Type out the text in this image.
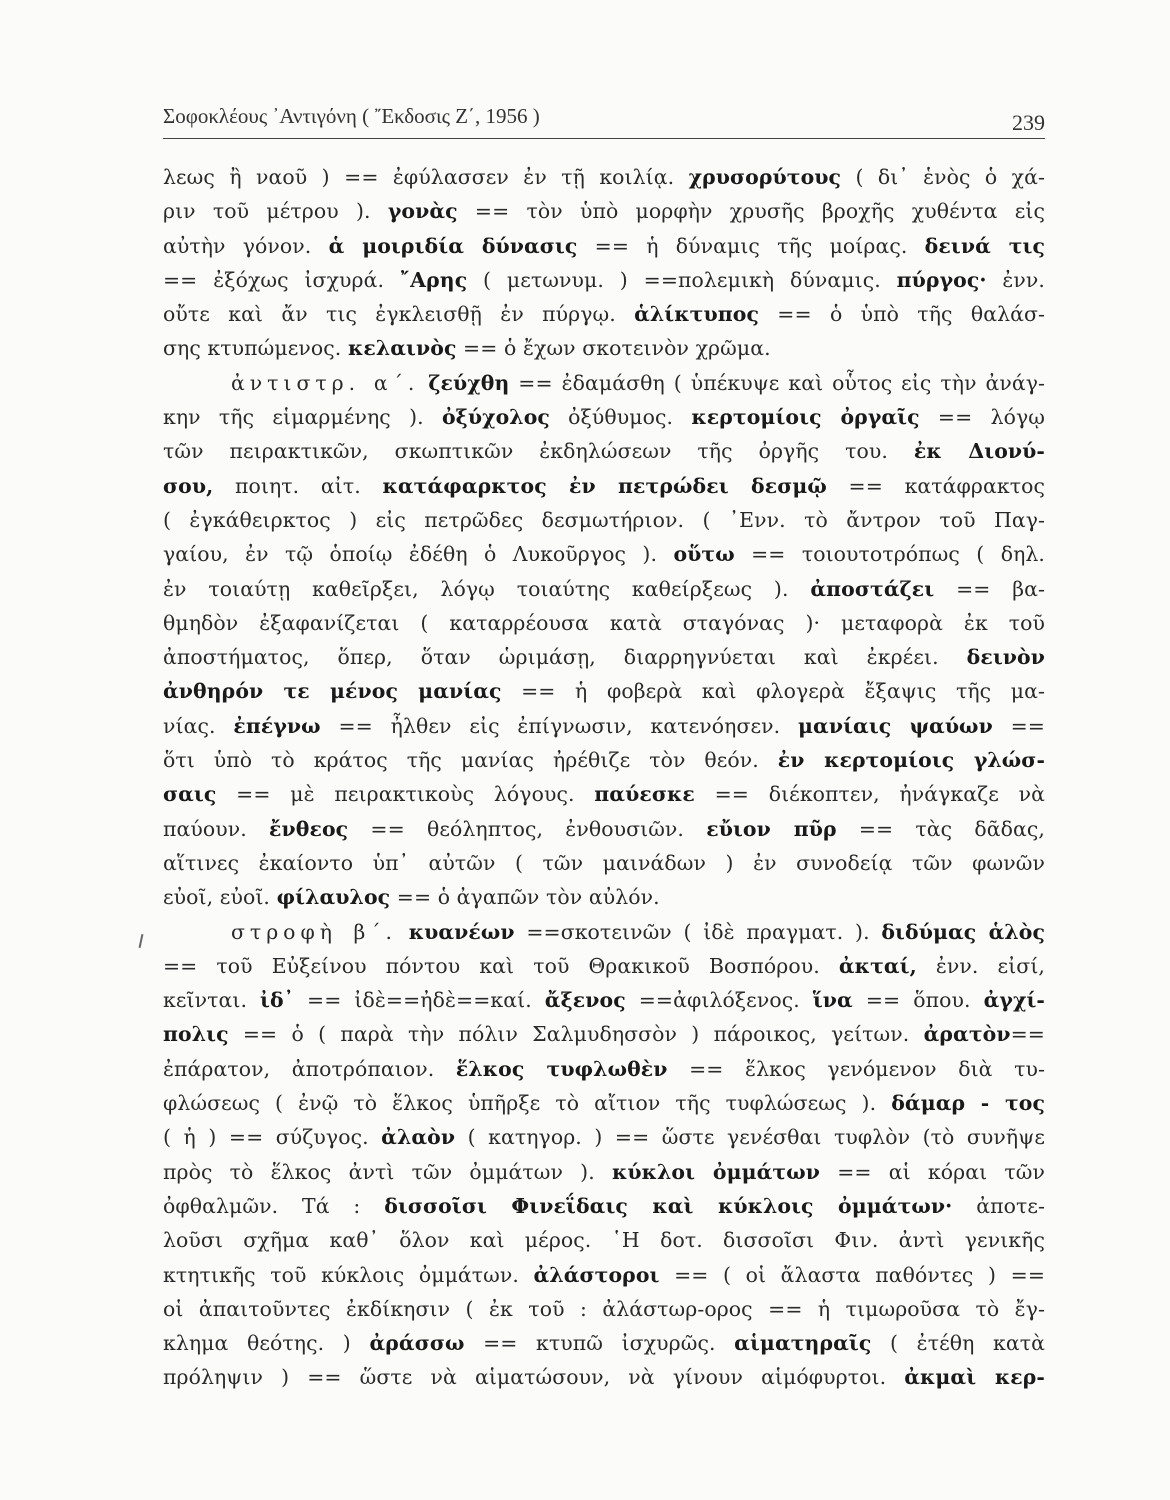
Σοφοκλέους ᾿Αντιγόνη ( ῎Εκδοσις Ζ΄, 1956 )	239
λεως ἢ ναοῦ ) == ἐφύλασσεν ἐν τῇ κοιλίᾳ. χρυσορύτους ( δι᾿ ἑνὸς ὁ χά-
ριν τοῦ μέτρου ). γονὰς == τὸν ὑπὸ μορφὴν χρυσῆς βροχῆς χυθέντα εἰς
αὐτὴν γόνον. ἁ μοιριδία δύνασις == ἡ δύναμις τῆς μοίρας. δεινά τις
== ἐξόχως ἰσχυρά. ῎Αρης ( μετωνυμ. ) ==πολεμικὴ δύναμις. πύργος· ἐνν.
οὔτε καὶ ἄν τις ἐγκλεισθῇ ἐν πύργῳ. ἁλίκτυπος == ὁ ὑπὸ τῆς θαλάσ-
σης κτυπώμενος. κελαινὸς == ὁ ἔχων σκοτεινὸν χρῶμα.
ἀντιστρ. α΄. ζεύχθη == ἐδαμάσθη ( ὑπέκυψε καὶ οὗτος εἰς τὴν ἀνάγ-
κην τῆς εἱμαρμένης ). ὀξύχολος ὀξύθυμος. κερτομίοις ὀργαῖς == λόγῳ
τῶν πειρακτικῶν, σκωπτικῶν ἐκδηλώσεων τῆς ὀργῆς του. ἐκ Διονύ-
σου, ποιητ. αἰτ. κατάφαρκτος ἐν πετρώδει δεσμῷ == κατάφρακτος
( ἐγκάθειρκτος ) εἰς πετρῶδες δεσμωτήριον. ( ᾿Ενν. τὸ ἄντρον τοῦ Παγ-
γαίου, ἐν τῷ ὁποίῳ ἐδέθη ὁ Λυκοῦργος ). οὕτω == τοιουτοτρόπως ( δηλ.
ἐν τοιαύτῃ καθεῖρξει, λόγῳ τοιαύτης καθείρξεως ). ἀποστάζει == βα-
θμηδὸν ἐξαφανίζεται ( καταρρέουσα κατὰ σταγόνας )· μεταφορὰ ἐκ τοῦ
ἀποστήματος, ὅπερ, ὅταν ὡριμάσῃ, διαρρηγνύεται καὶ ἐκρέει. δεινὸν
ἀνθηρόν τε μένος μανίας == ἡ φοβερὰ καὶ φλογερὰ ἔξαψις τῆς μα-
νίας. ἐπέγνω == ἦλθεν εἰς ἐπίγνωσιν, κατενόησεν. μανίαις ψαύων ==
ὅτι ὑπὸ τὸ κράτος τῆς μανίας ἠρέθιζε τὸν θεόν. ἐν κερτομίοις γλώσ-
σαις == μὲ πειρακτικοὺς λόγους. παύεσκε == διέκοπτεν, ἠνάγκαζε νὰ
παύουν. ἔνθεος == θεόληπτος, ἐνθουσιῶν. εὔιον πῦρ == τὰς δᾶδας,
αἵτινες ἐκαίοντο ὑπ᾿ αὐτῶν ( τῶν μαινάδων ) ἐν συνοδείᾳ τῶν φωνῶν
εὐοῖ, εὐοῖ. φίλαυλος == ὁ ἀγαπῶν τὸν αὐλόν.
στροφὴ β΄. κυανέων ==σκοτεινῶν ( ἰδὲ πραγματ. ). διδύμας ἁλὸς
== τοῦ Εὐξείνου πόντου καὶ τοῦ Θρακικοῦ Βοσπόρου. ἀκταί, ἐνν. εἰσί,
κεῖνται. ἰδ᾿ == ἰδὲ==ἠδὲ==καί. ἄξενος ==ἀφιλόξενος. ἵνα == ὅπου. ἀγχί-
πολις == ὁ ( παρὰ τὴν πόλιν Σαλμυδησσὸν ) πάροικος, γείτων. ἀρατὸν==
ἐπάρατον, ἀποτρόπαιον. ἕλκος τυφλωθὲν == ἕλκος γενόμενον διὰ τυ-
φλώσεως ( ἐνῷ τὸ ἕλκος ὑπῆρξε τὸ αἴτιον τῆς τυφλώσεως ). δάμαρ - τος
( ἡ ) == σύζυγος. ἀλαὸν ( κατηγορ. ) == ὥστε γενέσθαι τυφλὸν (τὸ συνῆψε
πρὸς τὸ ἕλκος ἀντὶ τῶν ὀμμάτων ). κύκλοι ὀμμάτων == αἱ κόραι τῶν
ὀφθαλμῶν. Τά : δισσοῖσι Φινεΐδαις καὶ κύκλοις ὀμμάτων· ἀποτε-
λοῦσι σχῆμα καθ᾿ ὅλον καὶ μέρος. ῾Η δοτ. δισσοῖσι Φιν. ἀντὶ γενικῆς
κτητικῆς τοῦ κύκλοις ὀμμάτων. ἀλάστοροι == ( οἱ ἄλαστα παθόντες ) ==
οἱ ἀπαιτοῦντες ἐκδίκησιν ( ἐκ τοῦ : ἀλάστωρ-ορος == ἡ τιμωροῦσα τὸ ἔγ-
κλημα θεότης. ) ἀράσσω == κτυπῶ ἰσχυρῶς. αἱματηραῖς ( ἐτέθη κατὰ
πρόληψιν ) == ὥστε νὰ αἱματώσουν, νὰ γίνουν αἱμόφυρτοι. ἀκμαὶ κερ-
